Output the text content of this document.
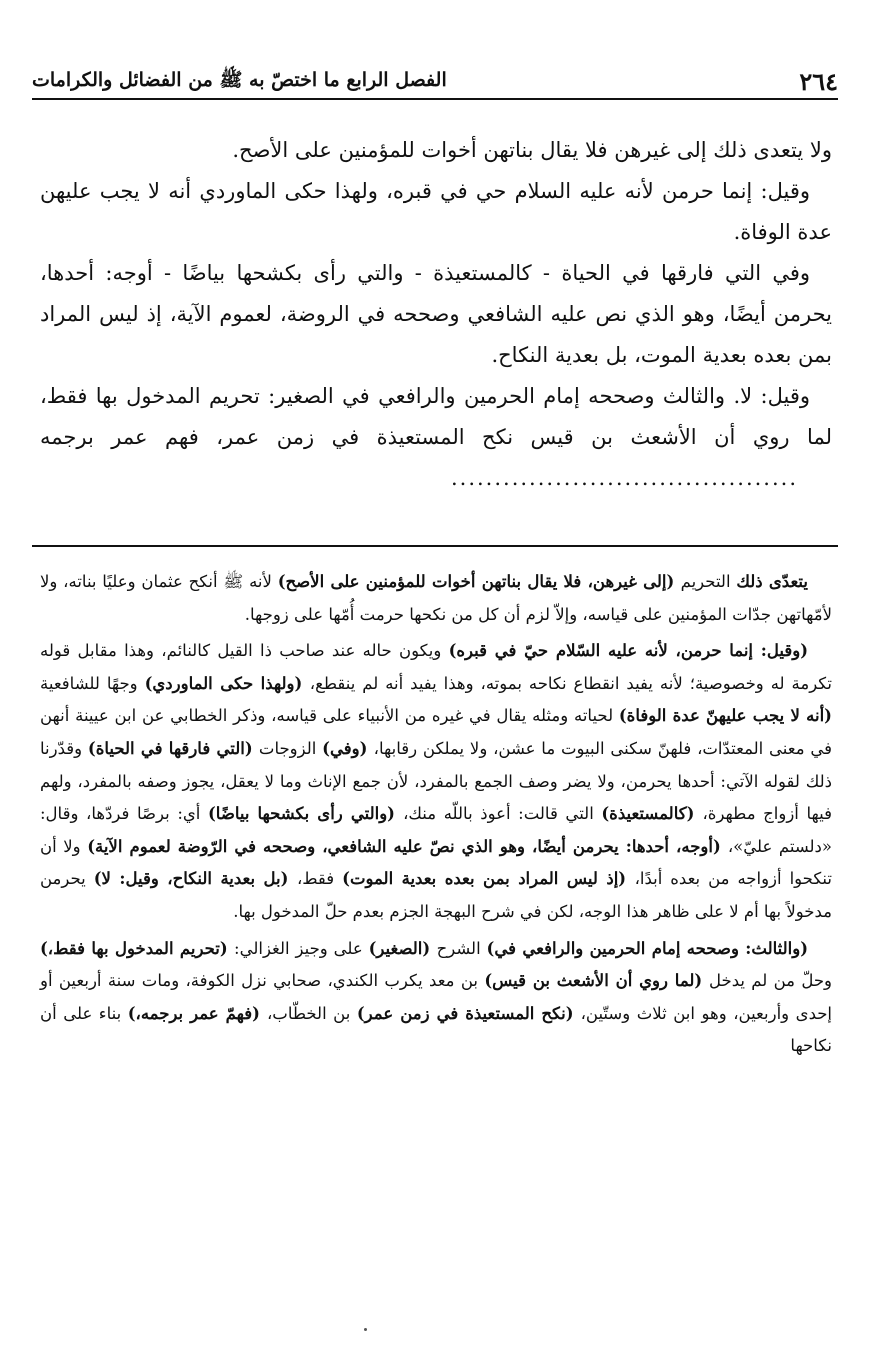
٢٦٤
الفصل الرابع ما اختصّ به ﷺ من الفضائل والكرامات

ولا يتعدى ذلك إلى غيرهن فلا يقال بناتهن أخوات للمؤمنين على الأصح.

وقيل: إنما حرمن لأنه عليه السلام حي في قبره، ولهذا حكى الماوردي أنه لا يجب عليهن عدة الوفاة.

وفي التي فارقها في الحياة - كالمستعيذة - والتي رأى بكشحها بياضًا - أوجه: أحدها، يحرمن أيضًا، وهو الذي نص عليه الشافعي وصححه في الروضة، لعموم الآية، إذ ليس المراد بمن بعده بعدية الموت، بل بعدية النكاح.

وقيل: لا. والثالث وصححه إمام الحرمين والرافعي في الصغير: تحريم المدخول بها فقط، لما روي أن الأشعث بن قيس نكح المستعيذة في زمن عمر، فهم عمر برجمه........................................

يتعدّى ذلكالتحريم(إلى غيرهن، فلا يقال بناتهن أخوات للمؤمنين على الأصح)لأنه ﷺ أنكح عثمان وعليًا بناته، ولا لأمّهاتهن جدّات المؤمنين على قياسه، وإلاّ لزم أن كل من نكحها حرمت أُمّها على زوجها.

(وقيل: إنما حرمن، لأنه عليه السّلام حيّ في قبره)ويكون حاله عند صاحب ذا القيل كالنائم، وهذا مقابل قوله تكرمة له وخصوصية؛ لأنه يفيد انقطاع نكاحه بموته، وهذا يفيد أنه لم ينقطع،(ولهذا حكى الماوردي)وجهًا للشافعية(أنه لا يجب عليهنّ عدة الوفاة)لحياته ومثله يقال في غيره من الأنبياء على قياسه، وذكر الخطابي عن ابن عيينة أنهن في معنى المعتدّات، فلهنّ سكنى البيوت ما عشن، ولا يملكن رقابها،(وفي)الزوجات(التي فارقها في الحياة)وقدّرنا ذلك لقوله الآتي: أحدها يحرمن، ولا يضر وصف الجمع بالمفرد، لأن جمع الإناث وما لا يعقل، يجوز وصفه بالمفرد، ولهم فيها أزواج مطهرة،(كالمستعيذة)التي قالت: أعوذ باللّه منك،(والتي رأى بكشحها بياضًا)أي: برصًا فردّها، وقال: «دلستم عليّ»،(أوجه، أحدها: يحرمن أيضًا، وهو الذي نصّ عليه الشافعي، وصححه في الرّوضة لعموم الآية)ولا أن تنكحوا أزواجه من بعده أبدًا،(إذ ليس المراد بمن بعده بعدية الموت)فقط،(بل بعدية النكاح، وقيل: لا)يحرمن مدخولاً بها أم لا على ظاهر هذا الوجه، لكن في شرح البهجة الجزم بعدم حلّ المدخول بها.

(والثالث: وصححه إمام الحرمين والرافعي في)الشرح(الصغير)على وجيز الغزالي:(تحريم المدخول بها فقط،)وحلّ من لم يدخل(لما روي أن الأشعث بن قيس)بن معد يكرب الكندي، صحابي نزل الكوفة، ومات سنة أربعين أو إحدى وأربعين، وهو ابن ثلاث وستّين،(نكح المستعيذة في زمن عمر)بن الخطّاب،(فهمّ عمر برجمه،)بناء على أن نكاحها
